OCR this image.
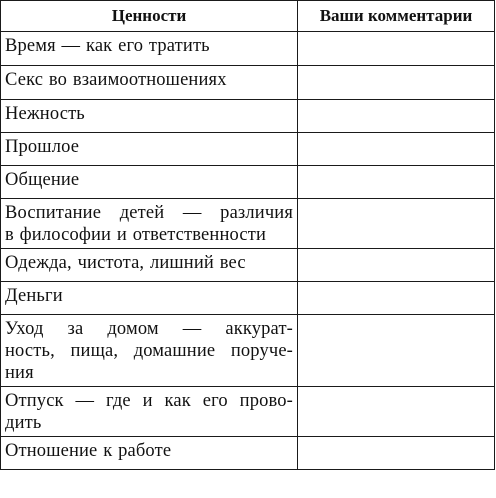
Ценности	Ваши комментарии

Время — как его тратить	

Секс во взаимоотношениях	

Нежность	

Прошлое	

Общение	

Воспитание детей — различия
в философии и ответственности	

Одежда, чистота, лишний вес	

Деньги	

Уход за домом — аккурат-
ность, пища, домашние поруче-
ния	

Отпуск — где и как его прово-
дить	

Отношение к работе	
